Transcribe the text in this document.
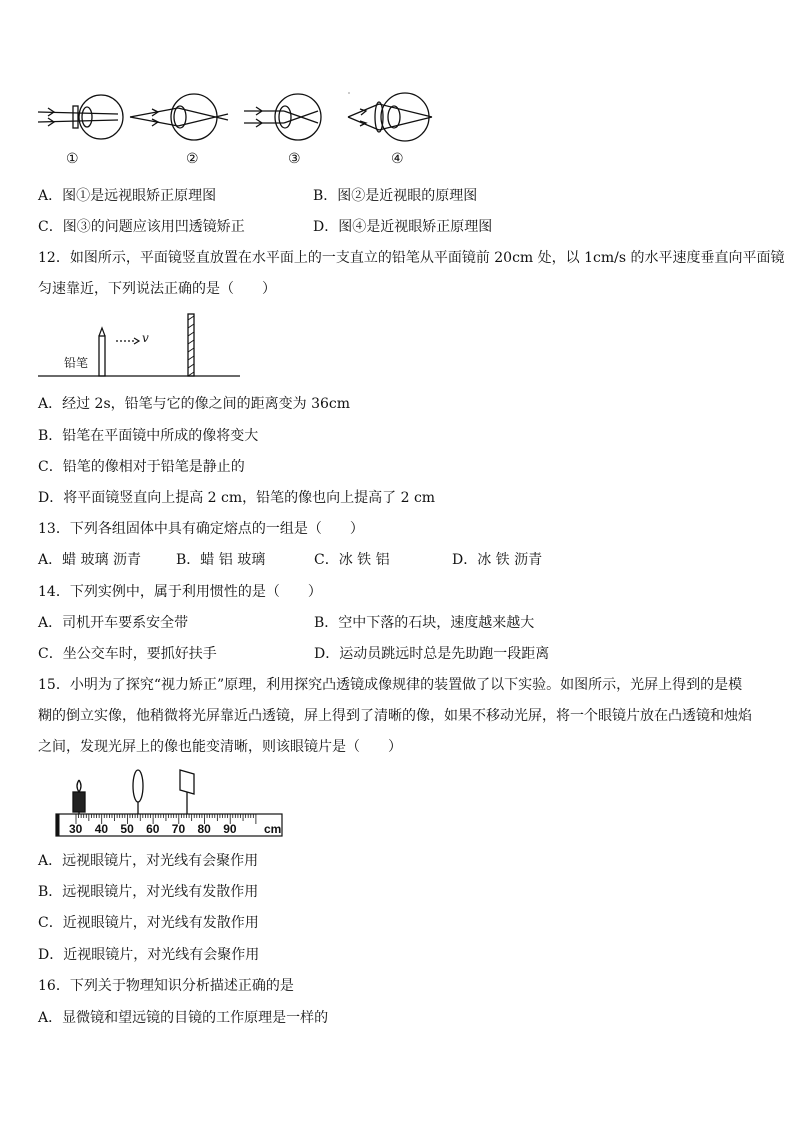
①	②	③	④
A．图①是远视眼矫正原理图	B．图②是近视眼的原理图
C．图③的问题应该用凹透镜矫正	D．图④是近视眼矫正原理图
12．如图所示，平面镜竖直放置在水平面上的一支直立的铅笔从平面镜前 20cm 处，以 1cm/s 的水平速度垂直向平面镜
匀速靠近，下列说法正确的是（　　）
铅笔
v
A．经过 2s，铅笔与它的像之间的距离变为 36cm
B．铅笔在平面镜中所成的像将变大
C．铅笔的像相对于铅笔是静止的
D．将平面镜竖直向上提高 2 cm，铅笔的像也向上提高了 2 cm
13．下列各组固体中具有确定熔点的一组是（　　）
A．蜡 玻璃 沥青 B．蜡 铝 玻璃	C．冰 铁 铝	D．冰 铁 沥青
14．下列实例中，属于利用惯性的是（　　）
A．司机开车要系安全带	B．空中下落的石块，速度越来越大
C．坐公交车时，要抓好扶手	D．运动员跳远时总是先助跑一段距离
15．小明为了探究“视力矫正”原理，利用探究凸透镜成像规律的装置做了以下实验。如图所示，光屏上得到的是模
糊的倒立实像，他稍微将光屏靠近凸透镜，屏上得到了清晰的像，如果不移动光屏，将一个眼镜片放在凸透镜和烛焰
之间，发现光屏上的像也能变清晰，则该眼镜片是（　　）
30 40 50 60 70 80 90 cm
A．远视眼镜片，对光线有会聚作用
B．远视眼镜片，对光线有发散作用
C．近视眼镜片，对光线有发散作用
D．近视眼镜片，对光线有会聚作用
16．下列关于物理知识分析描述正确的是
A．显微镜和望远镜的目镜的工作原理是一样的
